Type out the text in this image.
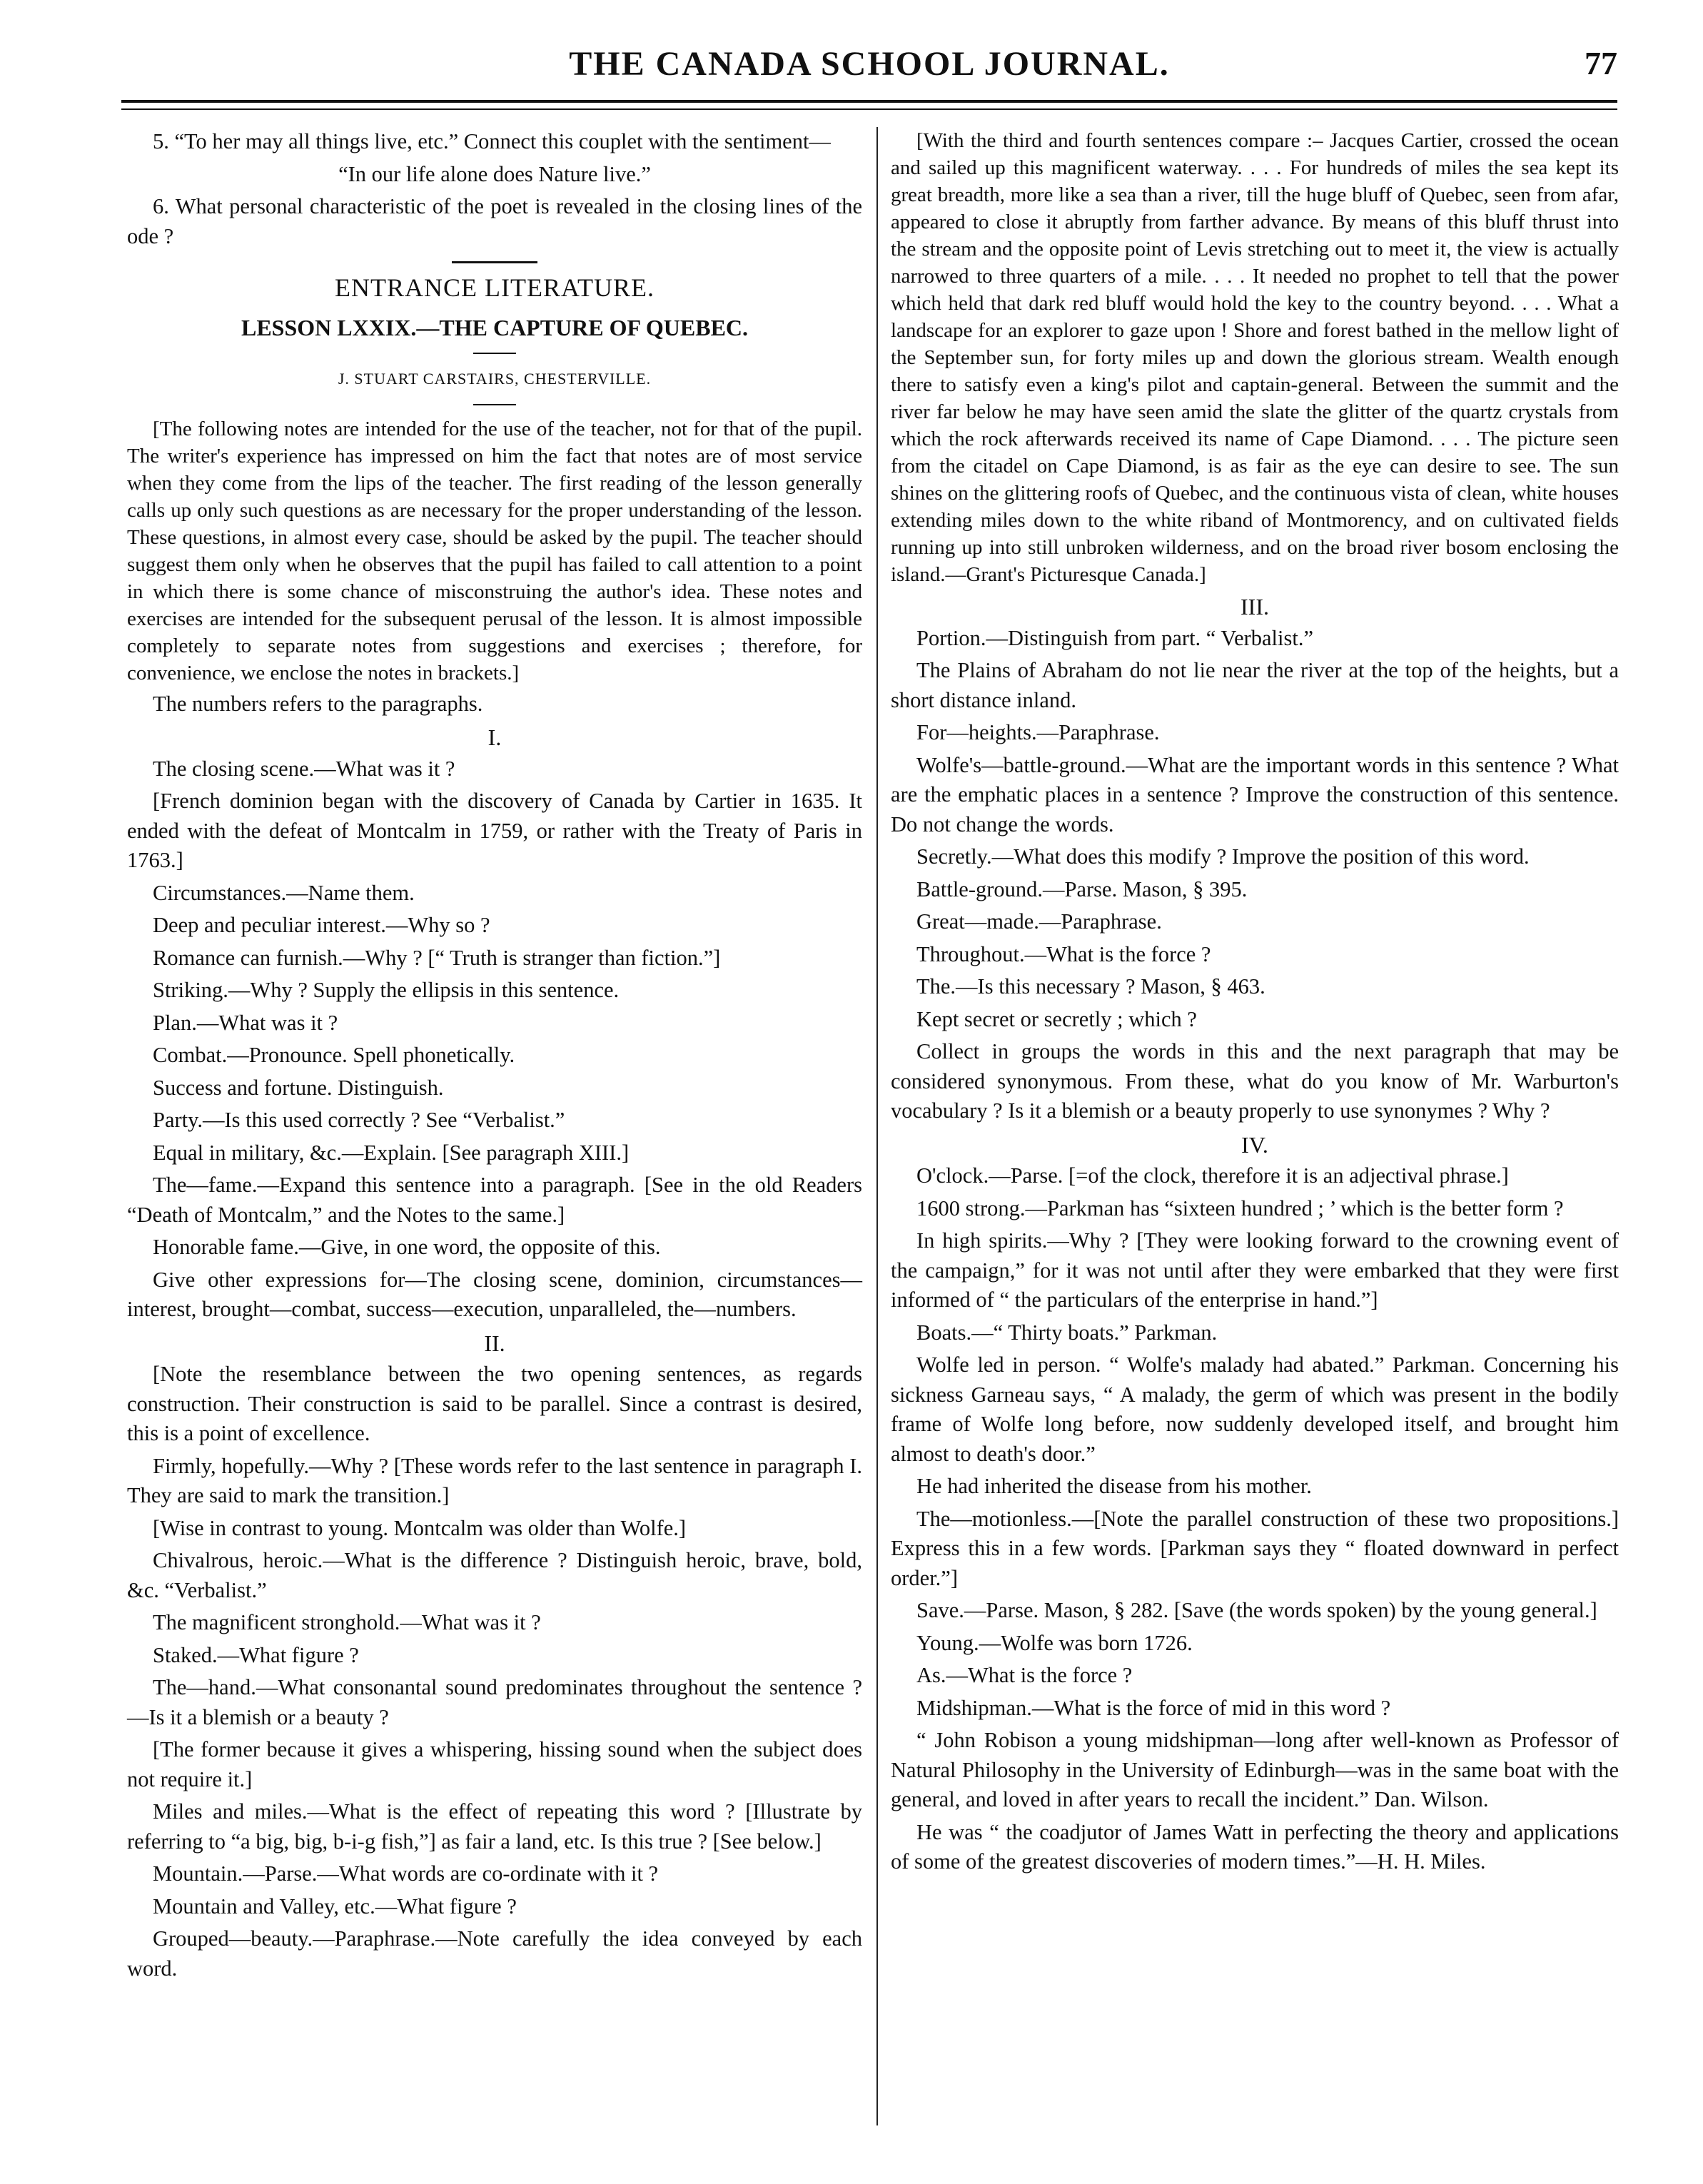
THE CANADA SCHOOL JOURNAL.	77

5. “To her may all things live, etc.” Connect this couplet with the sentiment—

“In our life alone does Nature live.”

6. What personal characteristic of the poet is revealed in the closing lines of the ode ?

ENTRANCE LITERATURE.

LESSON LXXIX.—THE CAPTURE OF QUEBEC.

J. STUART CARSTAIRS, CHESTERVILLE.

[The following notes are intended for the use of the teacher, not for that of the pupil. The writer's experience has impressed on him the fact that notes are of most service when they come from the lips of the teacher. The first reading of the lesson generally calls up only such questions as are necessary for the proper understanding of the lesson. These questions, in almost every case, should be asked by the pupil. The teacher should suggest them only when he observes that the pupil has failed to call attention to a point in which there is some chance of misconstruing the author's idea. These notes and exercises are intended for the subsequent perusal of the lesson. It is almost impossible completely to separate notes from suggestions and exercises ; therefore, for convenience, we enclose the notes in brackets.]

The numbers refers to the paragraphs.

I.

The closing scene.—What was it ?

[French dominion began with the discovery of Canada by Cartier in 1635. It ended with the defeat of Montcalm in 1759, or rather with the Treaty of Paris in 1763.]

Circumstances.—Name them.

Deep and peculiar interest.—Why so ?

Romance can furnish.—Why ? [“ Truth is stranger than fiction.”]

Striking.—Why ? Supply the ellipsis in this sentence.

Plan.—What was it ?

Combat.—Pronounce. Spell phonetically.

Success and fortune. Distinguish.

Party.—Is this used correctly ? See “Verbalist.”

Equal in military, &c.—Explain. [See paragraph XIII.]

The—fame.—Expand this sentence into a paragraph. [See in the old Readers “Death of Montcalm,” and the Notes to the same.]

Honorable fame.—Give, in one word, the opposite of this.

Give other expressions for—The closing scene, dominion, circumstances—interest, brought—combat, success—execution, unparalleled, the—numbers.

II.

[Note the resemblance between the two opening sentences, as regards construction. Their construction is said to be parallel. Since a contrast is desired, this is a point of excellence.

Firmly, hopefully.—Why ? [These words refer to the last sentence in paragraph I. They are said to mark the transition.]

[Wise in contrast to young. Montcalm was older than Wolfe.]

Chivalrous, heroic.—What is the difference ? Distinguish heroic, brave, bold, &c. “Verbalist.”

The magnificent stronghold.—What was it ?

Staked.—What figure ?

The—hand.—What consonantal sound predominates throughout the sentence ?—Is it a blemish or a beauty ?

[The former because it gives a whispering, hissing sound when the subject does not require it.]

Miles and miles.—What is the effect of repeating this word ? [Illustrate by referring to “a big, big, b-i-g fish,”] as fair a land, etc. Is this true ? [See below.]

Mountain.—Parse.—What words are co-ordinate with it ?

Mountain and Valley, etc.—What figure ?

Grouped—beauty.—Paraphrase.—Note carefully the idea conveyed by each word.

[With the third and fourth sentences compare :– Jacques Cartier, crossed the ocean and sailed up this magnificent waterway. . . . For hundreds of miles the sea kept its great breadth, more like a sea than a river, till the huge bluff of Quebec, seen from afar, appeared to close it abruptly from farther advance. By means of this bluff thrust into the stream and the opposite point of Levis stretching out to meet it, the view is actually narrowed to three quarters of a mile. . . . It needed no prophet to tell that the power which held that dark red bluff would hold the key to the country beyond. . . . What a landscape for an explorer to gaze upon ! Shore and forest bathed in the mellow light of the September sun, for forty miles up and down the glorious stream. Wealth enough there to satisfy even a king's pilot and captain-general. Between the summit and the river far below he may have seen amid the slate the glitter of the quartz crystals from which the rock afterwards received its name of Cape Diamond. . . . The picture seen from the citadel on Cape Diamond, is as fair as the eye can desire to see. The sun shines on the glittering roofs of Quebec, and the continuous vista of clean, white houses extending miles down to the white riband of Montmorency, and on cultivated fields running up into still unbroken wilderness, and on the broad river bosom enclosing the island.—Grant's Picturesque Canada.]

III.

Portion.—Distinguish from part. “ Verbalist.”

The Plains of Abraham do not lie near the river at the top of the heights, but a short distance inland.

For—heights.—Paraphrase.

Wolfe's—battle-ground.—What are the important words in this sentence ? What are the emphatic places in a sentence ? Improve the construction of this sentence. Do not change the words.

Secretly.—What does this modify ? Improve the position of this word.

Battle-ground.—Parse. Mason, § 395.

Great—made.—Paraphrase.

Throughout.—What is the force ?

The.—Is this necessary ? Mason, § 463.

Kept secret or secretly ; which ?

Collect in groups the words in this and the next paragraph that may be considered synonymous. From these, what do you know of Mr. Warburton's vocabulary ? Is it a blemish or a beauty properly to use synonymes ? Why ?

IV.

O'clock.—Parse. [=of the clock, therefore it is an adjectival phrase.]

1600 strong.—Parkman has “sixteen hundred ; ’ which is the better form ?

In high spirits.—Why ? [They were looking forward to the crowning event of the campaign,” for it was not until after they were embarked that they were first informed of “ the particulars of the enterprise in hand.”]

Boats.—“ Thirty boats.” Parkman.

Wolfe led in person. “ Wolfe's malady had abated.” Parkman. Concerning his sickness Garneau says, “ A malady, the germ of which was present in the bodily frame of Wolfe long before, now suddenly developed itself, and brought him almost to death's door.”

He had inherited the disease from his mother.

The—motionless.—[Note the parallel construction of these two propositions.] Express this in a few words. [Parkman says they “ floated downward in perfect order.”]

Save.—Parse. Mason, § 282. [Save (the words spoken) by the young general.]

Young.—Wolfe was born 1726.

As.—What is the force ?

Midshipman.—What is the force of mid in this word ?

“ John Robison a young midshipman—long after well-known as Professor of Natural Philosophy in the University of Edinburgh—was in the same boat with the general, and loved in after years to recall the incident.” Dan. Wilson.

He was “ the coadjutor of James Watt in perfecting the theory and applications of some of the greatest discoveries of modern times.”—H. H. Miles.
